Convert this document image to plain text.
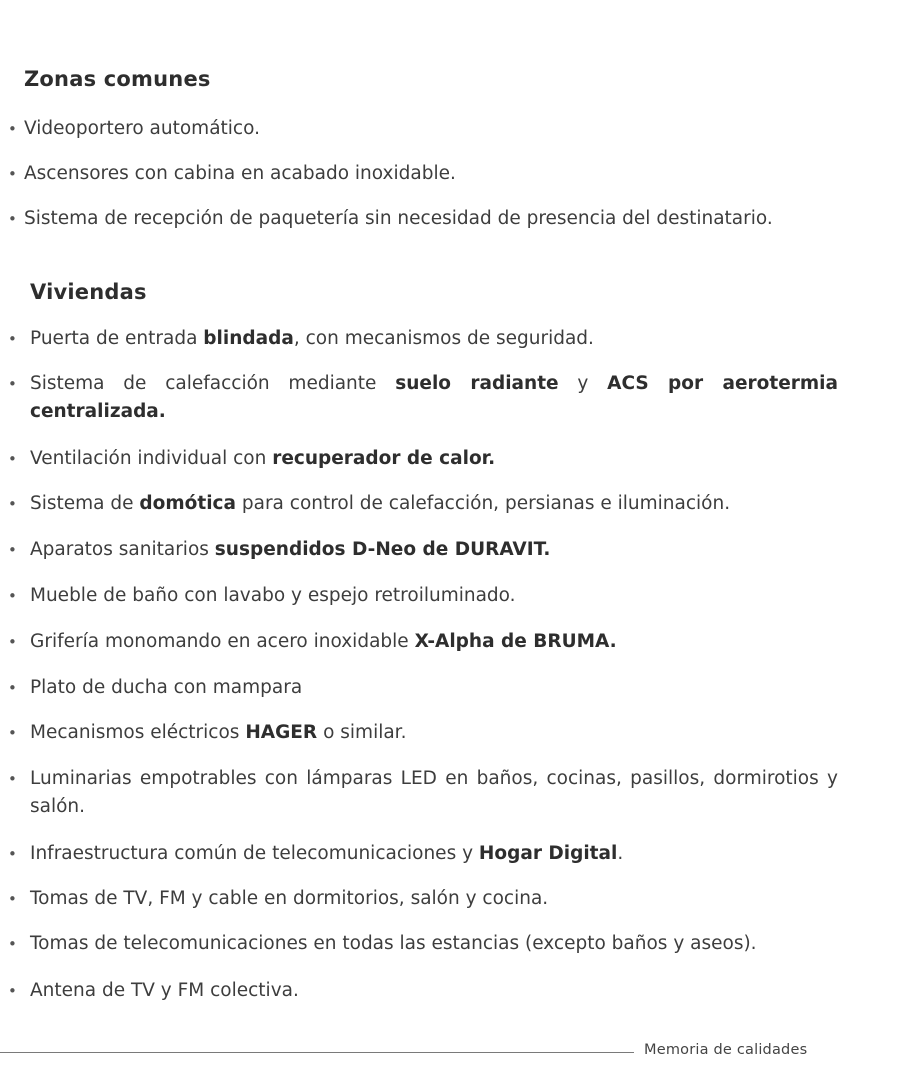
Zonas comunes
• Videoportero automático.
• Ascensores con cabina en acabado inoxidable.
• Sistema de recepción de paquetería sin necesidad de presencia del destinatario.
Viviendas
• Puerta de entrada blindada, con mecanismos de seguridad.
• Sistema de calefacción mediante suelo radiante y ACS por aerotermia centralizada.
• Ventilación individual con recuperador de calor.
• Sistema de domótica para control de calefacción, persianas e iluminación.
• Aparatos sanitarios suspendidos D-Neo de DURAVIT.
• Mueble de baño con lavabo y espejo retroiluminado.
• Grifería monomando en acero inoxidable X-Alpha de BRUMA.
• Plato de ducha con mampara
• Mecanismos eléctricos HAGER o similar.
• Luminarias empotrables con lámparas LED en baños, cocinas, pasillos, dormirotios y salón.
• Infraestructura común de telecomunicaciones y Hogar Digital.
• Tomas de TV, FM y cable en dormitorios, salón y cocina.
• Tomas de telecomunicaciones en todas las estancias (excepto baños y aseos).
• Antena de TV y FM colectiva.
Memoria de calidades
